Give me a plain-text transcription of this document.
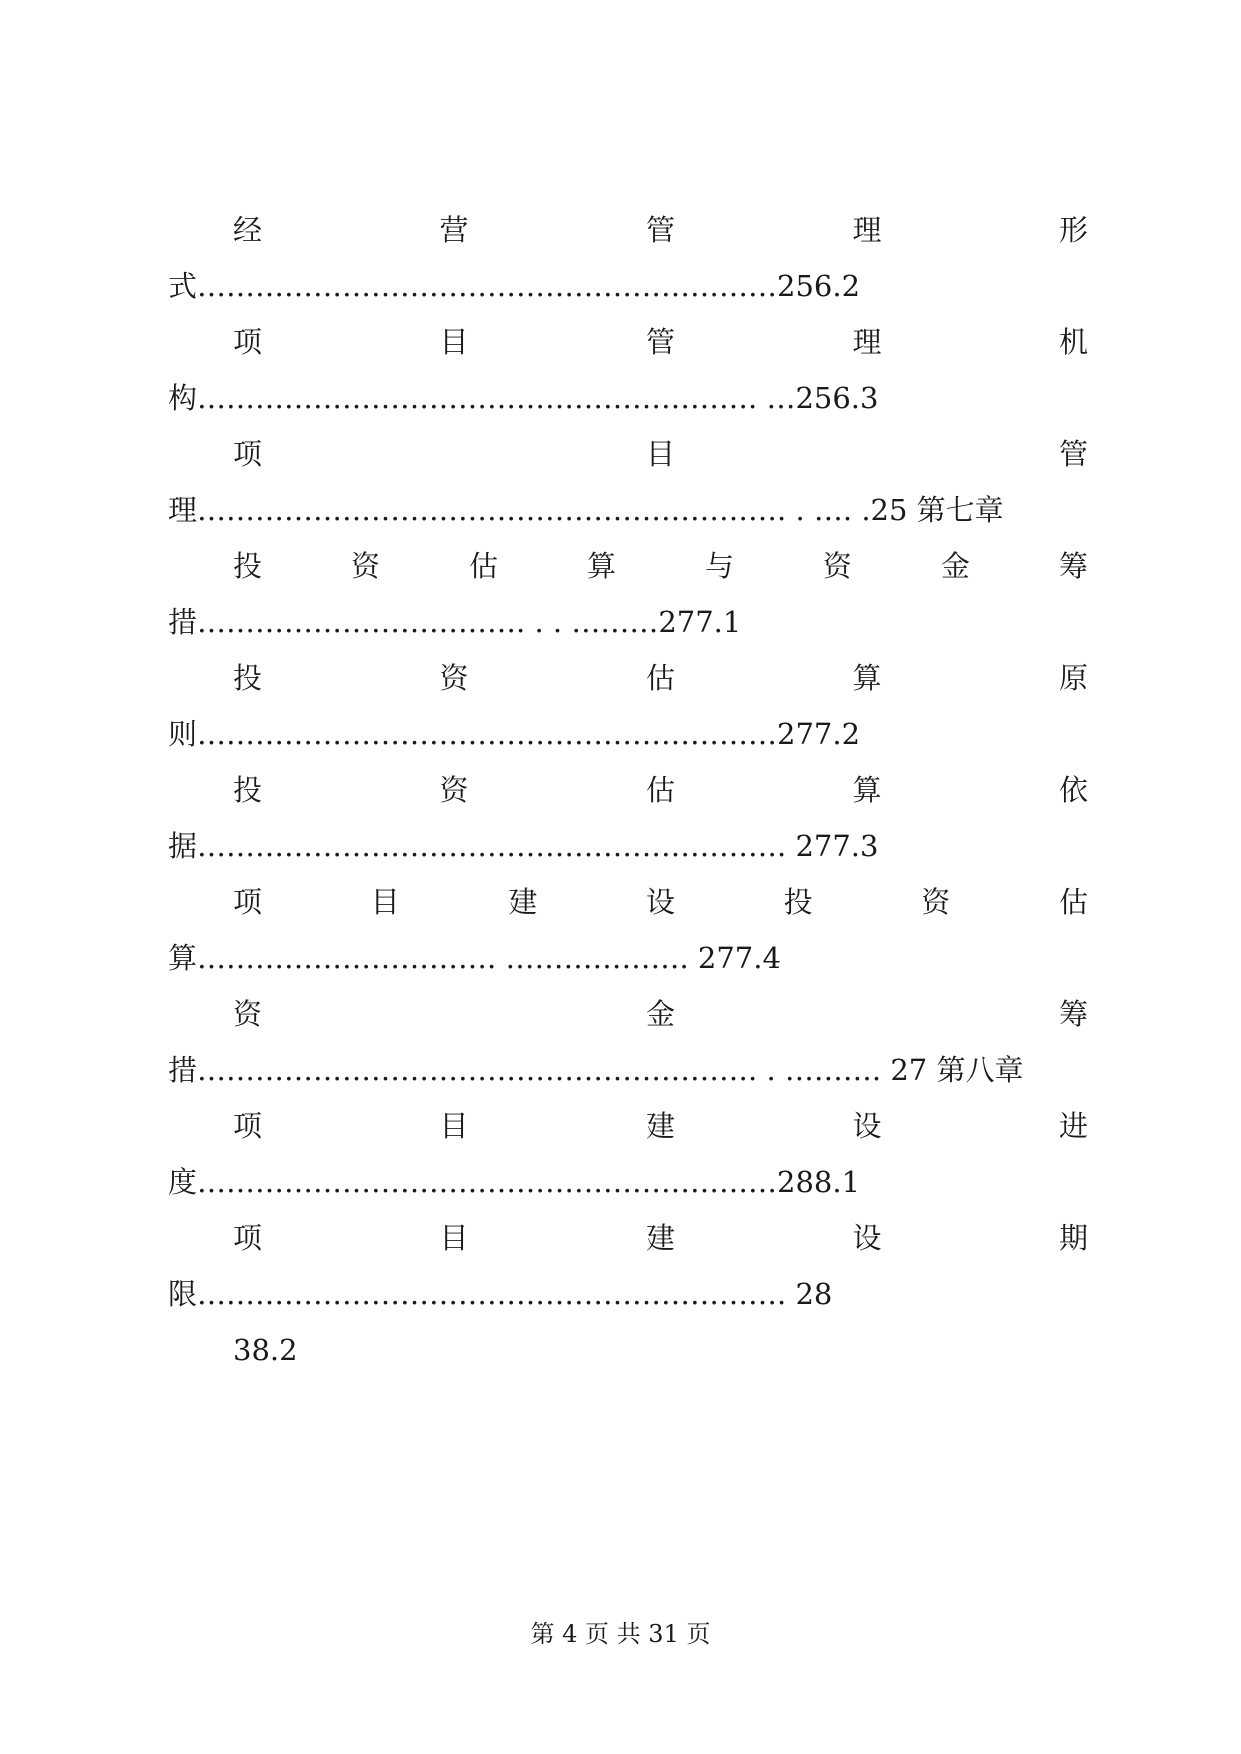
经	营	管	理	形
式……………………………………………………256.2
项	目	管	理	机
构…………………………………………………. …256.3
项	目	管
理……………………………………………………. . …. .25 第七章
投	资	估	算	与	资	金	筹
措……………………………. . . ………277.1
投	资	估	算	原
则……………………………………………………277.2
投	资	估	算	依
据……………………………………………………. 277.3
项	目	建	设	投	资	估
算…………………………. ………………. 277.4
资	金	筹
措…………………………………………………. . ………. 27 第八章
项	目	建	设	进
度……………………………………………………288.1
项	目	建	设	期
限……………………………………………………. 28
38.2
第 4 页 共 31 页
